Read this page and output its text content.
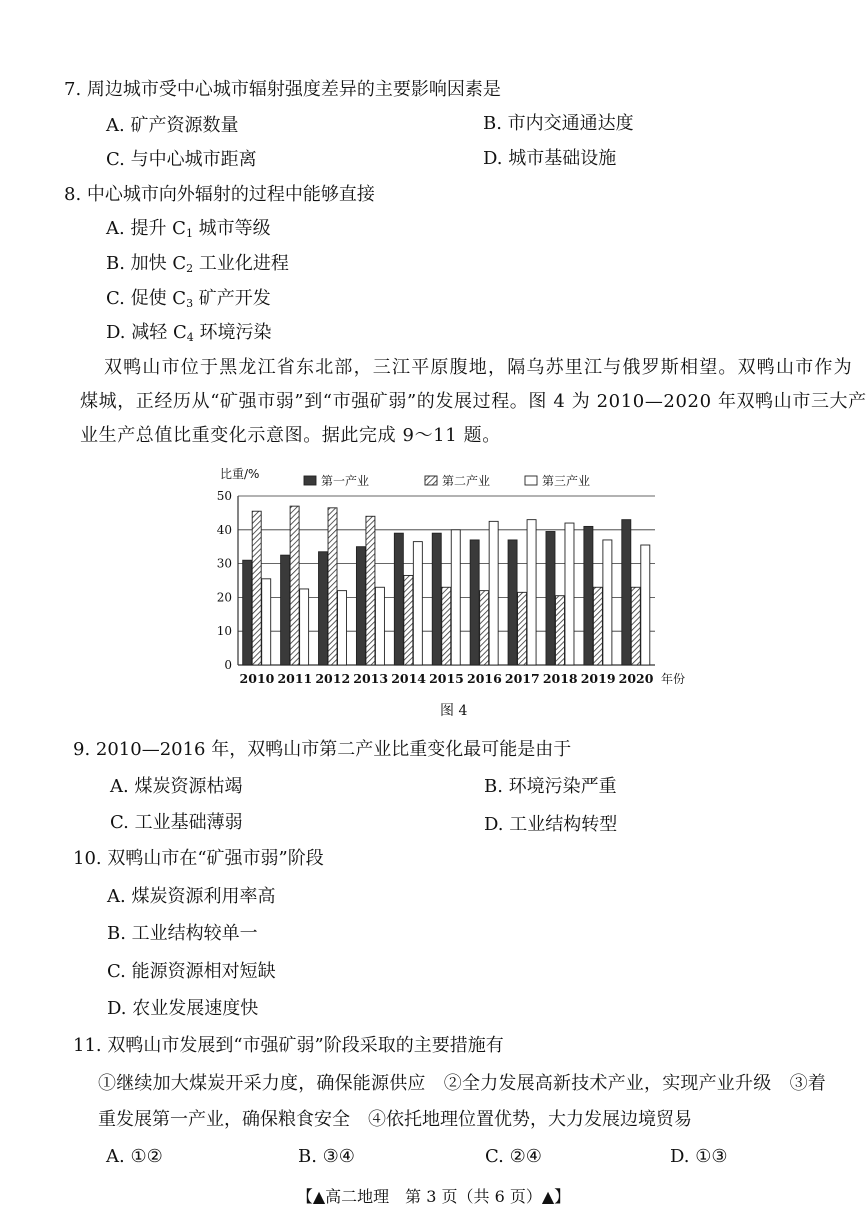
7. 周边城市受中心城市辐射强度差异的主要影响因素是
A. 矿产资源数量	B. 市内交通通达度
C. 与中心城市距离	D. 城市基础设施
8. 中心城市向外辐射的过程中能够直接
A. 提升 $C_1$ 城市等级
B. 加快 $C_2$ 工业化进程
C. 促使 $C_3$ 矿产开发
D. 减轻 $C_4$ 环境污染
双鸭山市位于黑龙江省东北部，三江平原腹地，隔乌苏里江与俄罗斯相望。双鸭山市作为
煤城，正经历从“矿强市弱”到“市强矿弱”的发展过程。图 4 为 2010—2020 年双鸭山市三大产
业生产总值比重变化示意图。据此完成 9～11 题。
0
10
20
30
40
50
比重/%
2010 2011 2012 2013 2014 2015 2016 2017 2018 2019 2020 年份
第一产业	第二产业	第三产业
图 4
9. 2010—2016 年，双鸭山市第二产业比重变化最可能是由于
A. 煤炭资源枯竭	B. 环境污染严重
C. 工业基础薄弱	D. 工业结构转型
10. 双鸭山市在“矿强市弱”阶段
A. 煤炭资源利用率高
B. 工业结构较单一
C. 能源资源相对短缺
D. 农业发展速度快
11. 双鸭山市发展到“市强矿弱”阶段采取的主要措施有
①继续加大煤炭开采力度，确保能源供应　②全力发展高新技术产业，实现产业升级　③着
重发展第一产业，确保粮食安全　④依托地理位置优势，大力发展边境贸易
A. ①②	B. ③④	C. ②④	D. ①③
【▲高二地理　第 3 页（共 6 页）▲】
